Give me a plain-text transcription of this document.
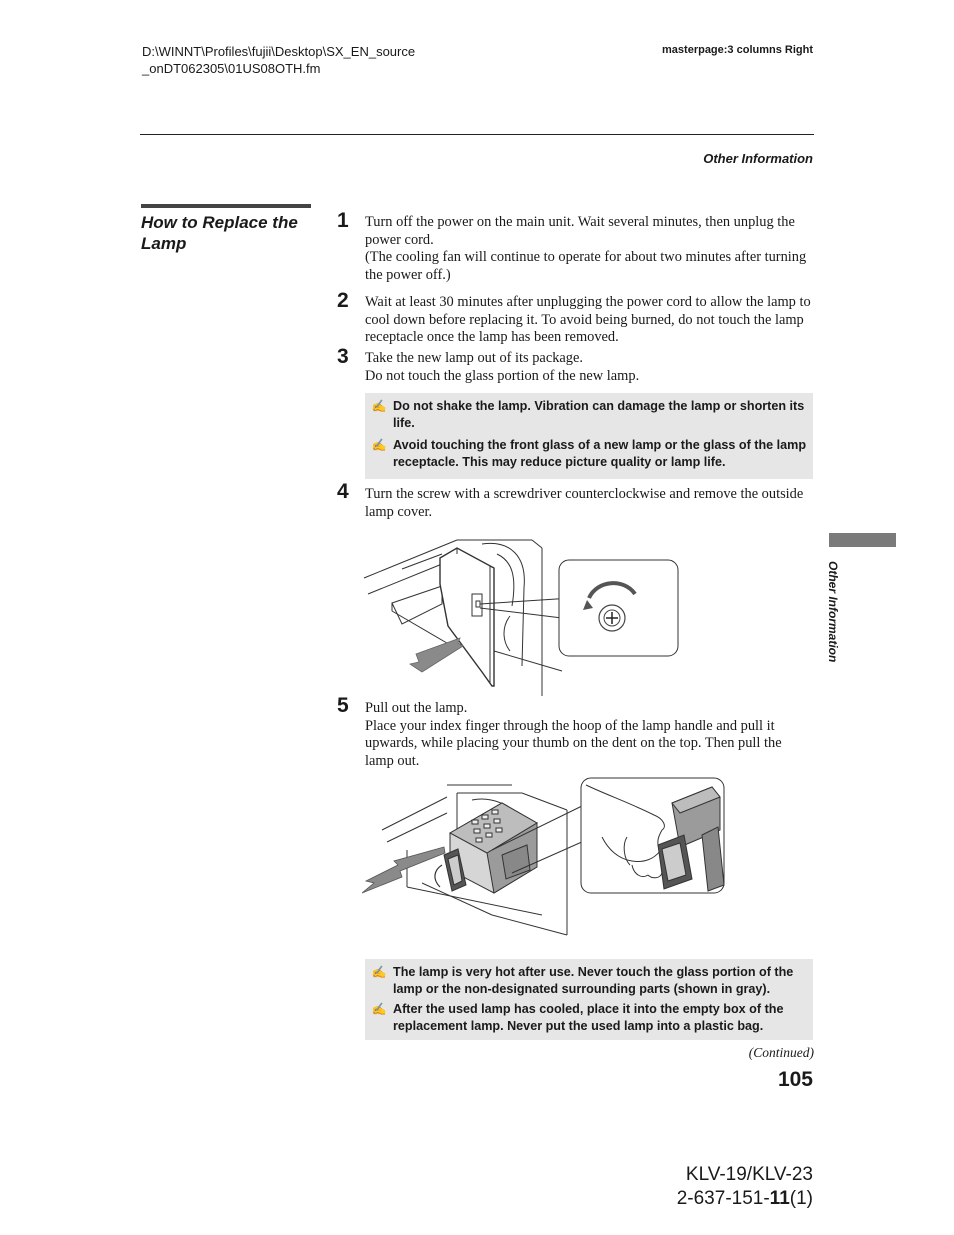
D:\WINNT\Profiles\fujii\Desktop\SX_EN_source
_onDT062305\01US08OTH.fm
masterpage:3 columns Right
Other Information
How to Replace the Lamp
1 Turn off the power on the main unit. Wait several minutes, then unplug the power cord.

(The cooling fan will continue to operate for about two minutes after turning the power off.)

2 Wait at least 30 minutes after unplugging the power cord to allow the lamp to cool down before replacing it. To avoid being burned, do not touch the lamp receptacle once the lamp has been removed.

3 Take the new lamp out of its package.

Do not touch the glass portion of the new lamp.

✍ Do not shake the lamp. Vibration can damage the lamp or shorten its life.
✍ Avoid touching the front glass of a new lamp or the glass of the lamp receptacle. This may reduce picture quality or lamp life.
4 Turn the screw with a screwdriver counterclockwise and remove the outside lamp cover.

5 Pull out the lamp.

Place your index finger through the hoop of the lamp handle and pull it upwards, while placing your thumb on the dent on the top. Then pull the lamp out.

✍ The lamp is very hot after use. Never touch the glass portion of the lamp or the non-designated surrounding parts (shown in gray).
✍ After the used lamp has cooled, place it into the empty box of the replacement lamp. Never put the used lamp into a plastic bag.
Other Information
(Continued)
105
KLV-19/KLV-23
2-637-151-11(1)
